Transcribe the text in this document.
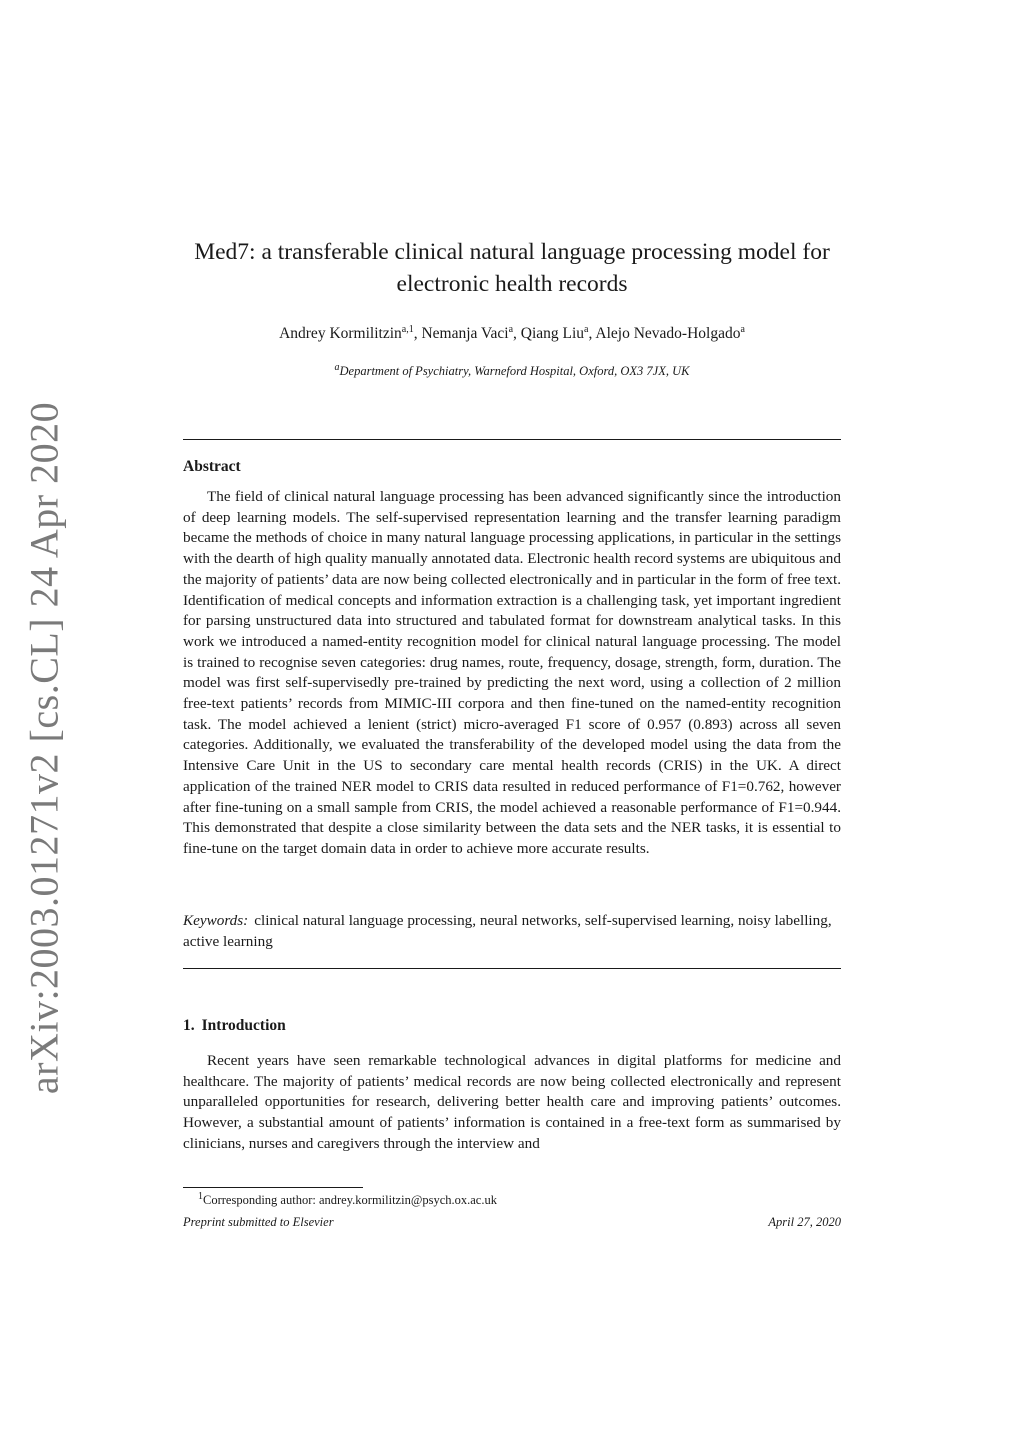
arXiv:2003.01271v2 [cs.CL] 24 Apr 2020
Med7: a transferable clinical natural language processing model for electronic health records
Andrey Kormilitzin$^{a,1}$, Nemanja Vaci$^a$, Qiang Liu$^a$, Alejo Nevado-Holgado$^a$
$^a$Department of Psychiatry, Warneford Hospital, Oxford, OX3 7JX, UK
Abstract

The field of clinical natural language processing has been advanced significantly since the introduction of deep learning models. The self-supervised representation learning and the transfer learning paradigm became the methods of choice in many natural language processing applications, in particular in the settings with the dearth of high quality manually annotated data. Electronic health record systems are ubiquitous and the majority of patients’ data are now being collected electronically and in particular in the form of free text. Identification of medical concepts and information extraction is a challenging task, yet important ingredient for parsing unstructured data into structured and tabulated format for downstream analytical tasks. In this work we introduced a named-entity recognition model for clinical natural language processing. The model is trained to recognise seven categories: drug names, route, frequency, dosage, strength, form, duration. The model was first self-supervisedly pre-trained by predicting the next word, using a collection of 2 million free-text patients’ records from MIMIC-III corpora and then fine-tuned on the named-entity recognition task. The model achieved a lenient (strict) micro-averaged F1 score of 0.957 (0.893) across all seven categories. Additionally, we evaluated the transferability of the developed model using the data from the Intensive Care Unit in the US to secondary care mental health records (CRIS) in the UK. A direct application of the trained NER model to CRIS data resulted in reduced performance of F1=0.762, however after fine-tuning on a small sample from CRIS, the model achieved a reasonable performance of F1=0.944. This demonstrated that despite a close similarity between the data sets and the NER tasks, it is essential to fine-tune on the target domain data in order to achieve more accurate results.

Keywords: clinical natural language processing, neural networks, self-supervised learning, noisy labelling, active learning

1. Introduction

Recent years have seen remarkable technological advances in digital platforms for medicine and healthcare. The majority of patients’ medical records are now being collected electronically and represent unparalleled opportunities for research, delivering better health care and improving patients’ outcomes. However, a substantial amount of patients’ information is contained in a free-text form as summarised by clinicians, nurses and caregivers through the interview and

$^1$Corresponding author: andrey.kormilitzin@psych.ox.ac.uk
Preprint submitted to Elsevier	April 27, 2020
